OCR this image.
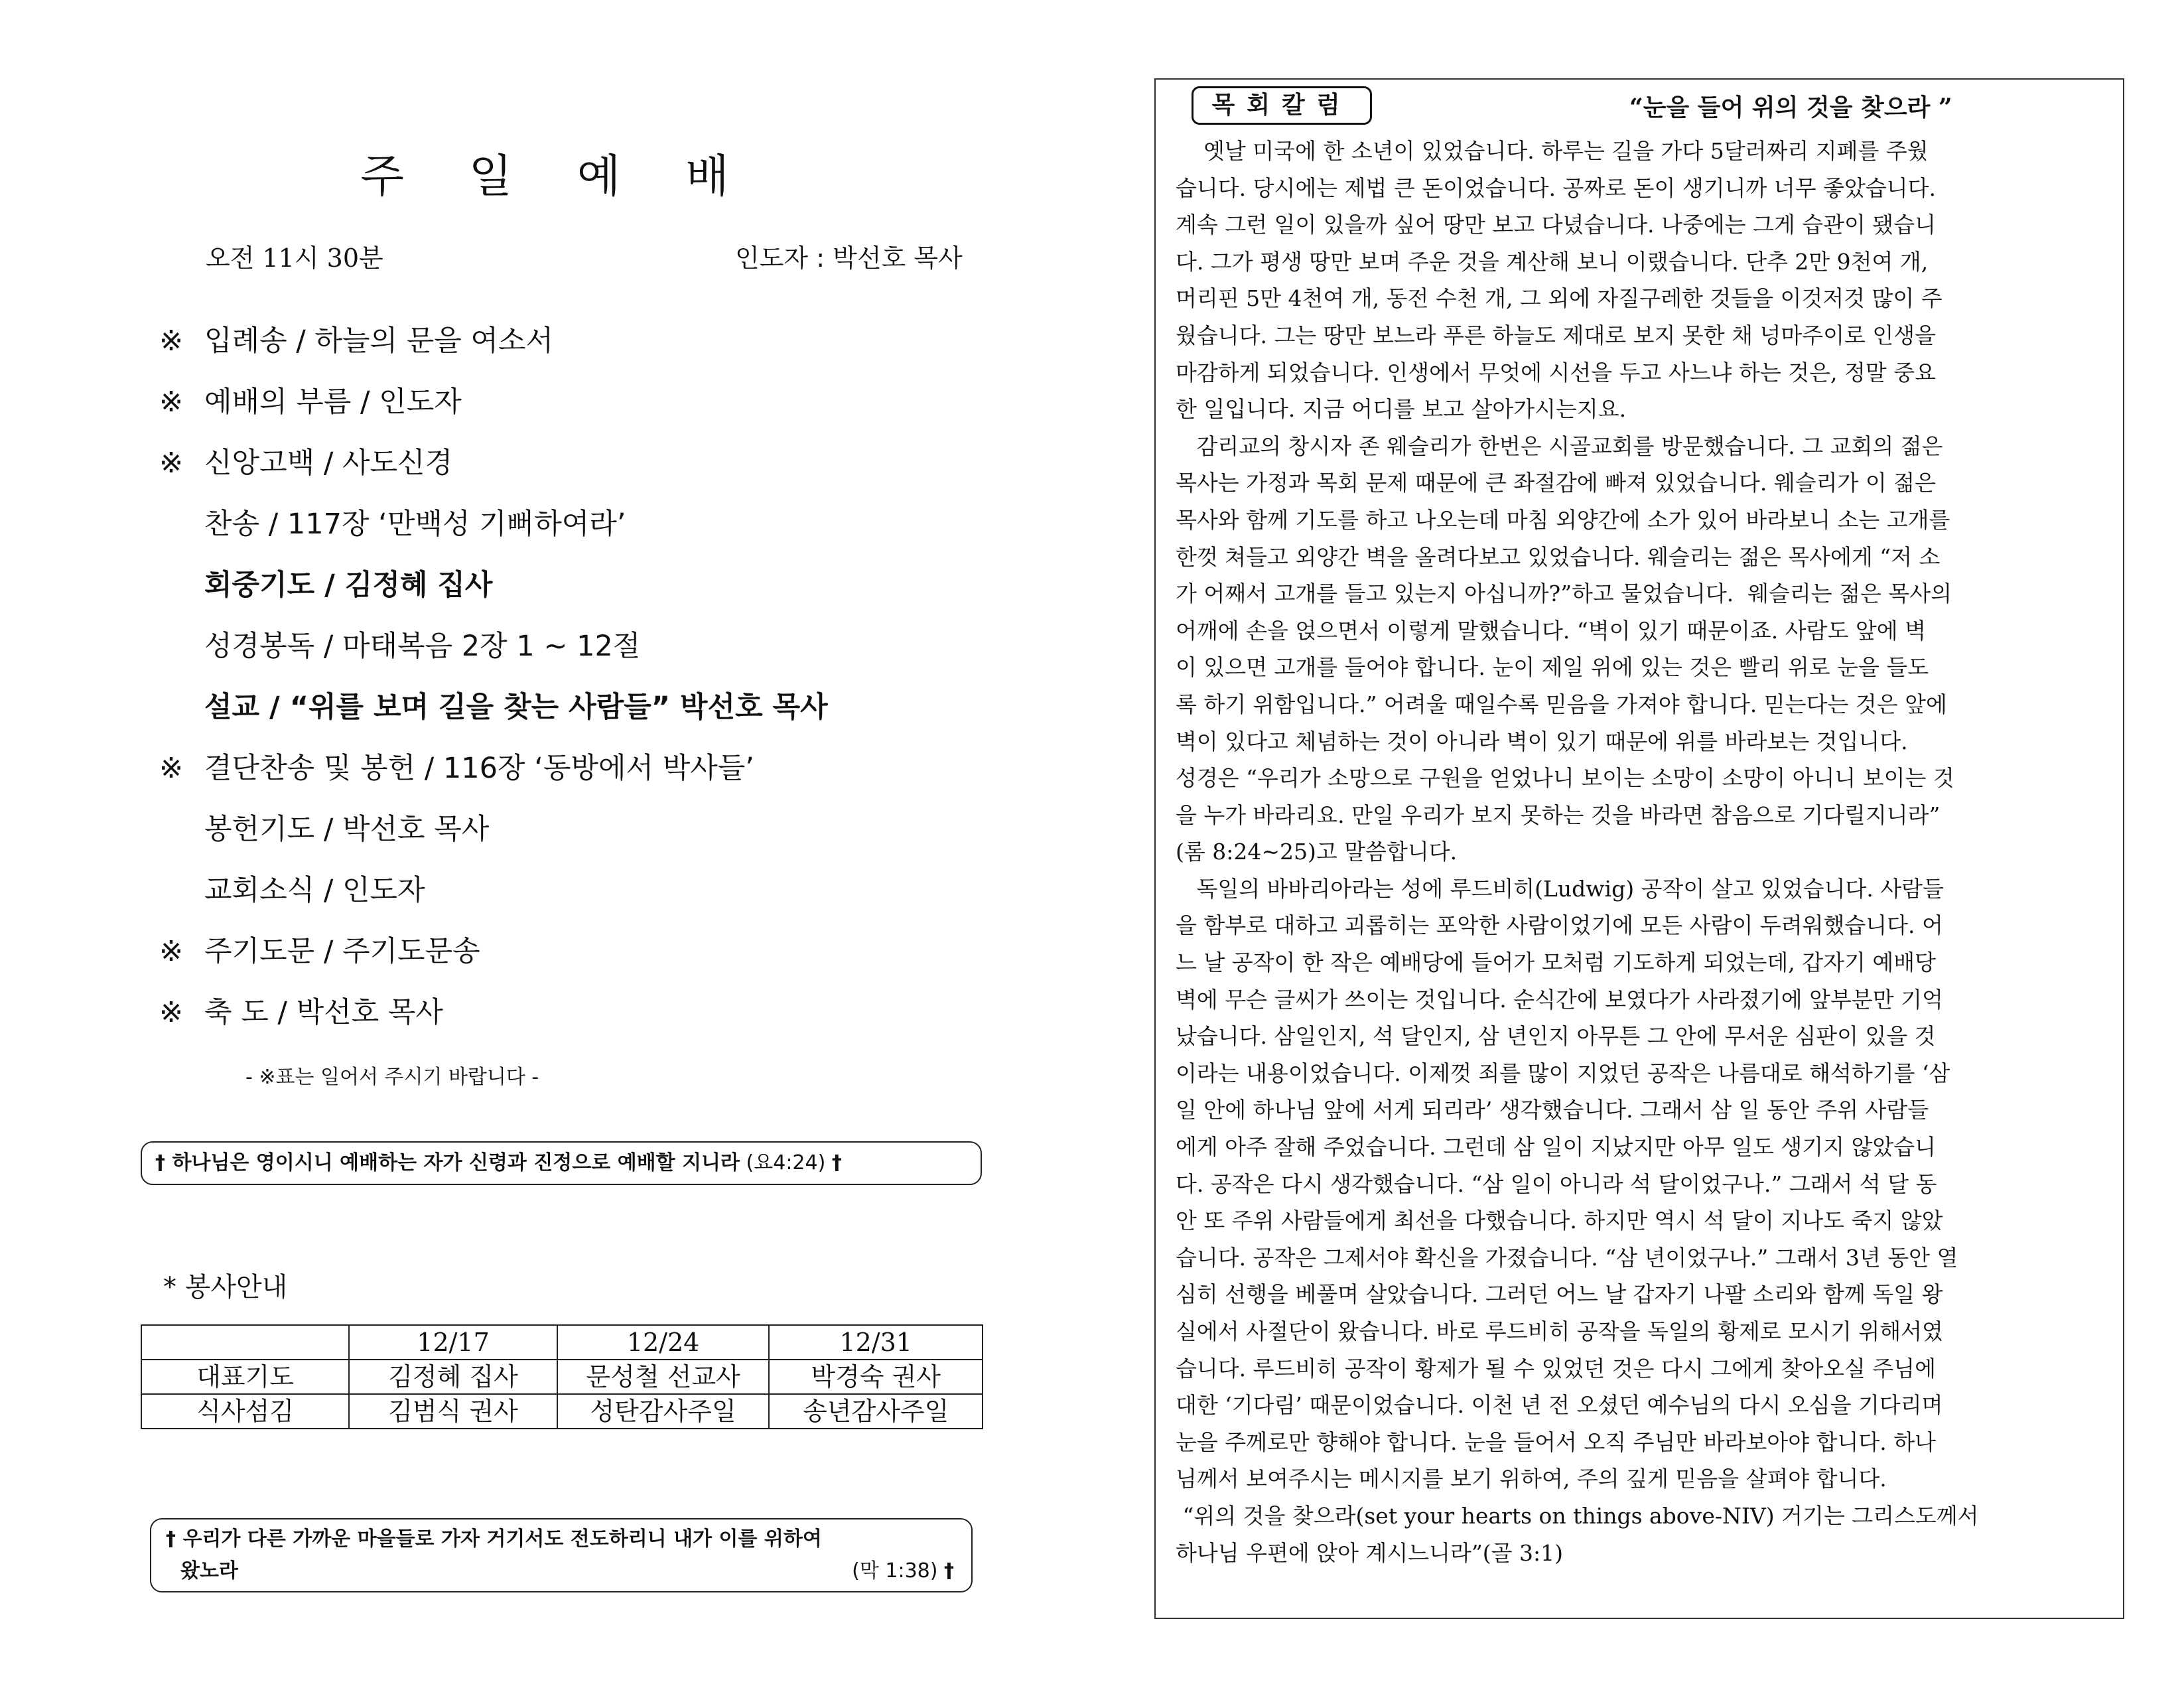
주 일 예 배
오전 11시 30분	인도자 : 박선호 목사
※ 입례송 / 하늘의 문을 여소서
※ 예배의 부름 / 인도자
※ 신앙고백 / 사도신경
찬송 / 117장 ‘만백성 기뻐하여라’
회중기도 / 김정혜 집사
성경봉독 / 마태복음 2장 1 ~ 12절
설교 / “위를 보며 길을 찾는 사람들” 박선호 목사
※ 결단찬송 및 봉헌 / 116장 ‘동방에서 박사들’
봉헌기도 / 박선호 목사
교회소식 / 인도자
※ 주기도문 / 주기도문송
※ 축 도 / 박선호 목사
- ※표는 일어서 주시기 바랍니다 -
† 하나님은 영이시니 예배하는 자가 신령과 진정으로 예배할 지니라 (요4:24) †
* 봉사안내
	12/17	12/24	12/31
대표기도	김정혜 집사	문성철 선교사	박경숙 권사
식사섬김	김범식 권사	성탄감사주일	송년감사주일
† 우리가 다른 가까운 마을들로 가자 거기서도 전도하리니 내가 이를 위하여
왔노라	(막 1:38) †
목회칼럼	“눈을 들어 위의 것을 찾으라 ”
옛날 미국에 한 소년이 있었습니다. 하루는 길을 가다 5달러짜리 지폐를 주웠
습니다. 당시에는 제법 큰 돈이었습니다. 공짜로 돈이 생기니까 너무 좋았습니다.
계속 그런 일이 있을까 싶어 땅만 보고 다녔습니다. 나중에는 그게 습관이 됐습니
다. 그가 평생 땅만 보며 주운 것을 계산해 보니 이랬습니다. 단추 2만 9천여 개,
머리핀 5만 4천여 개, 동전 수천 개, 그 외에 자질구레한 것들을 이것저것 많이 주
웠습니다. 그는 땅만 보느라 푸른 하늘도 제대로 보지 못한 채 넝마주이로 인생을
마감하게 되었습니다. 인생에서 무엇에 시선을 두고 사느냐 하는 것은, 정말 중요
한 일입니다. 지금 어디를 보고 살아가시는지요.
감리교의 창시자 존 웨슬리가 한번은 시골교회를 방문했습니다. 그 교회의 젊은
목사는 가정과 목회 문제 때문에 큰 좌절감에 빠져 있었습니다. 웨슬리가 이 젊은
목사와 함께 기도를 하고 나오는데 마침 외양간에 소가 있어 바라보니 소는 고개를
한껏 쳐들고 외양간 벽을 올려다보고 있었습니다. 웨슬리는 젊은 목사에게 “저 소
가 어째서 고개를 들고 있는지 아십니까?”하고 물었습니다.  웨슬리는 젊은 목사의
어깨에 손을 얹으면서 이렇게 말했습니다. “벽이 있기 때문이죠. 사람도 앞에 벽
이 있으면 고개를 들어야 합니다. 눈이 제일 위에 있는 것은 빨리 위로 눈을 들도
록 하기 위함입니다.” 어려울 때일수록 믿음을 가져야 합니다. 믿는다는 것은 앞에
벽이 있다고 체념하는 것이 아니라 벽이 있기 때문에 위를 바라보는 것입니다.
성경은 “우리가 소망으로 구원을 얻었나니 보이는 소망이 소망이 아니니 보이는 것
을 누가 바라리요. 만일 우리가 보지 못하는 것을 바라면 참음으로 기다릴지니라”
(롬 8:24~25)고 말씀합니다.
독일의 바바리아라는 성에 루드비히(Ludwig) 공작이 살고 있었습니다. 사람들
을 함부로 대하고 괴롭히는 포악한 사람이었기에 모든 사람이 두려워했습니다. 어
느 날 공작이 한 작은 예배당에 들어가 모처럼 기도하게 되었는데, 갑자기 예배당
벽에 무슨 글씨가 쓰이는 것입니다. 순식간에 보였다가 사라졌기에 앞부분만 기억
났습니다. 삼일인지, 석 달인지, 삼 년인지 아무튼 그 안에 무서운 심판이 있을 것
이라는 내용이었습니다. 이제껏 죄를 많이 지었던 공작은 나름대로 해석하기를 ‘삼
일 안에 하나님 앞에 서게 되리라’ 생각했습니다. 그래서 삼 일 동안 주위 사람들
에게 아주 잘해 주었습니다. 그런데 삼 일이 지났지만 아무 일도 생기지 않았습니
다. 공작은 다시 생각했습니다. “삼 일이 아니라 석 달이었구나.” 그래서 석 달 동
안 또 주위 사람들에게 최선을 다했습니다. 하지만 역시 석 달이 지나도 죽지 않았
습니다. 공작은 그제서야 확신을 가졌습니다. “삼 년이었구나.” 그래서 3년 동안 열
심히 선행을 베풀며 살았습니다. 그러던 어느 날 갑자기 나팔 소리와 함께 독일 왕
실에서 사절단이 왔습니다. 바로 루드비히 공작을 독일의 황제로 모시기 위해서였
습니다. 루드비히 공작이 황제가 될 수 있었던 것은 다시 그에게 찾아오실 주님에
대한 ‘기다림’ 때문이었습니다. 이천 년 전 오셨던 예수님의 다시 오심을 기다리며
눈을 주께로만 향해야 합니다. 눈을 들어서 오직 주님만 바라보아야 합니다. 하나
님께서 보여주시는 메시지를 보기 위하여, 주의 깊게 믿음을 살펴야 합니다.
“위의 것을 찾으라(set your hearts on things above-NIV) 거기는 그리스도께서
하나님 우편에 앉아 계시느니라”(골 3:1)
